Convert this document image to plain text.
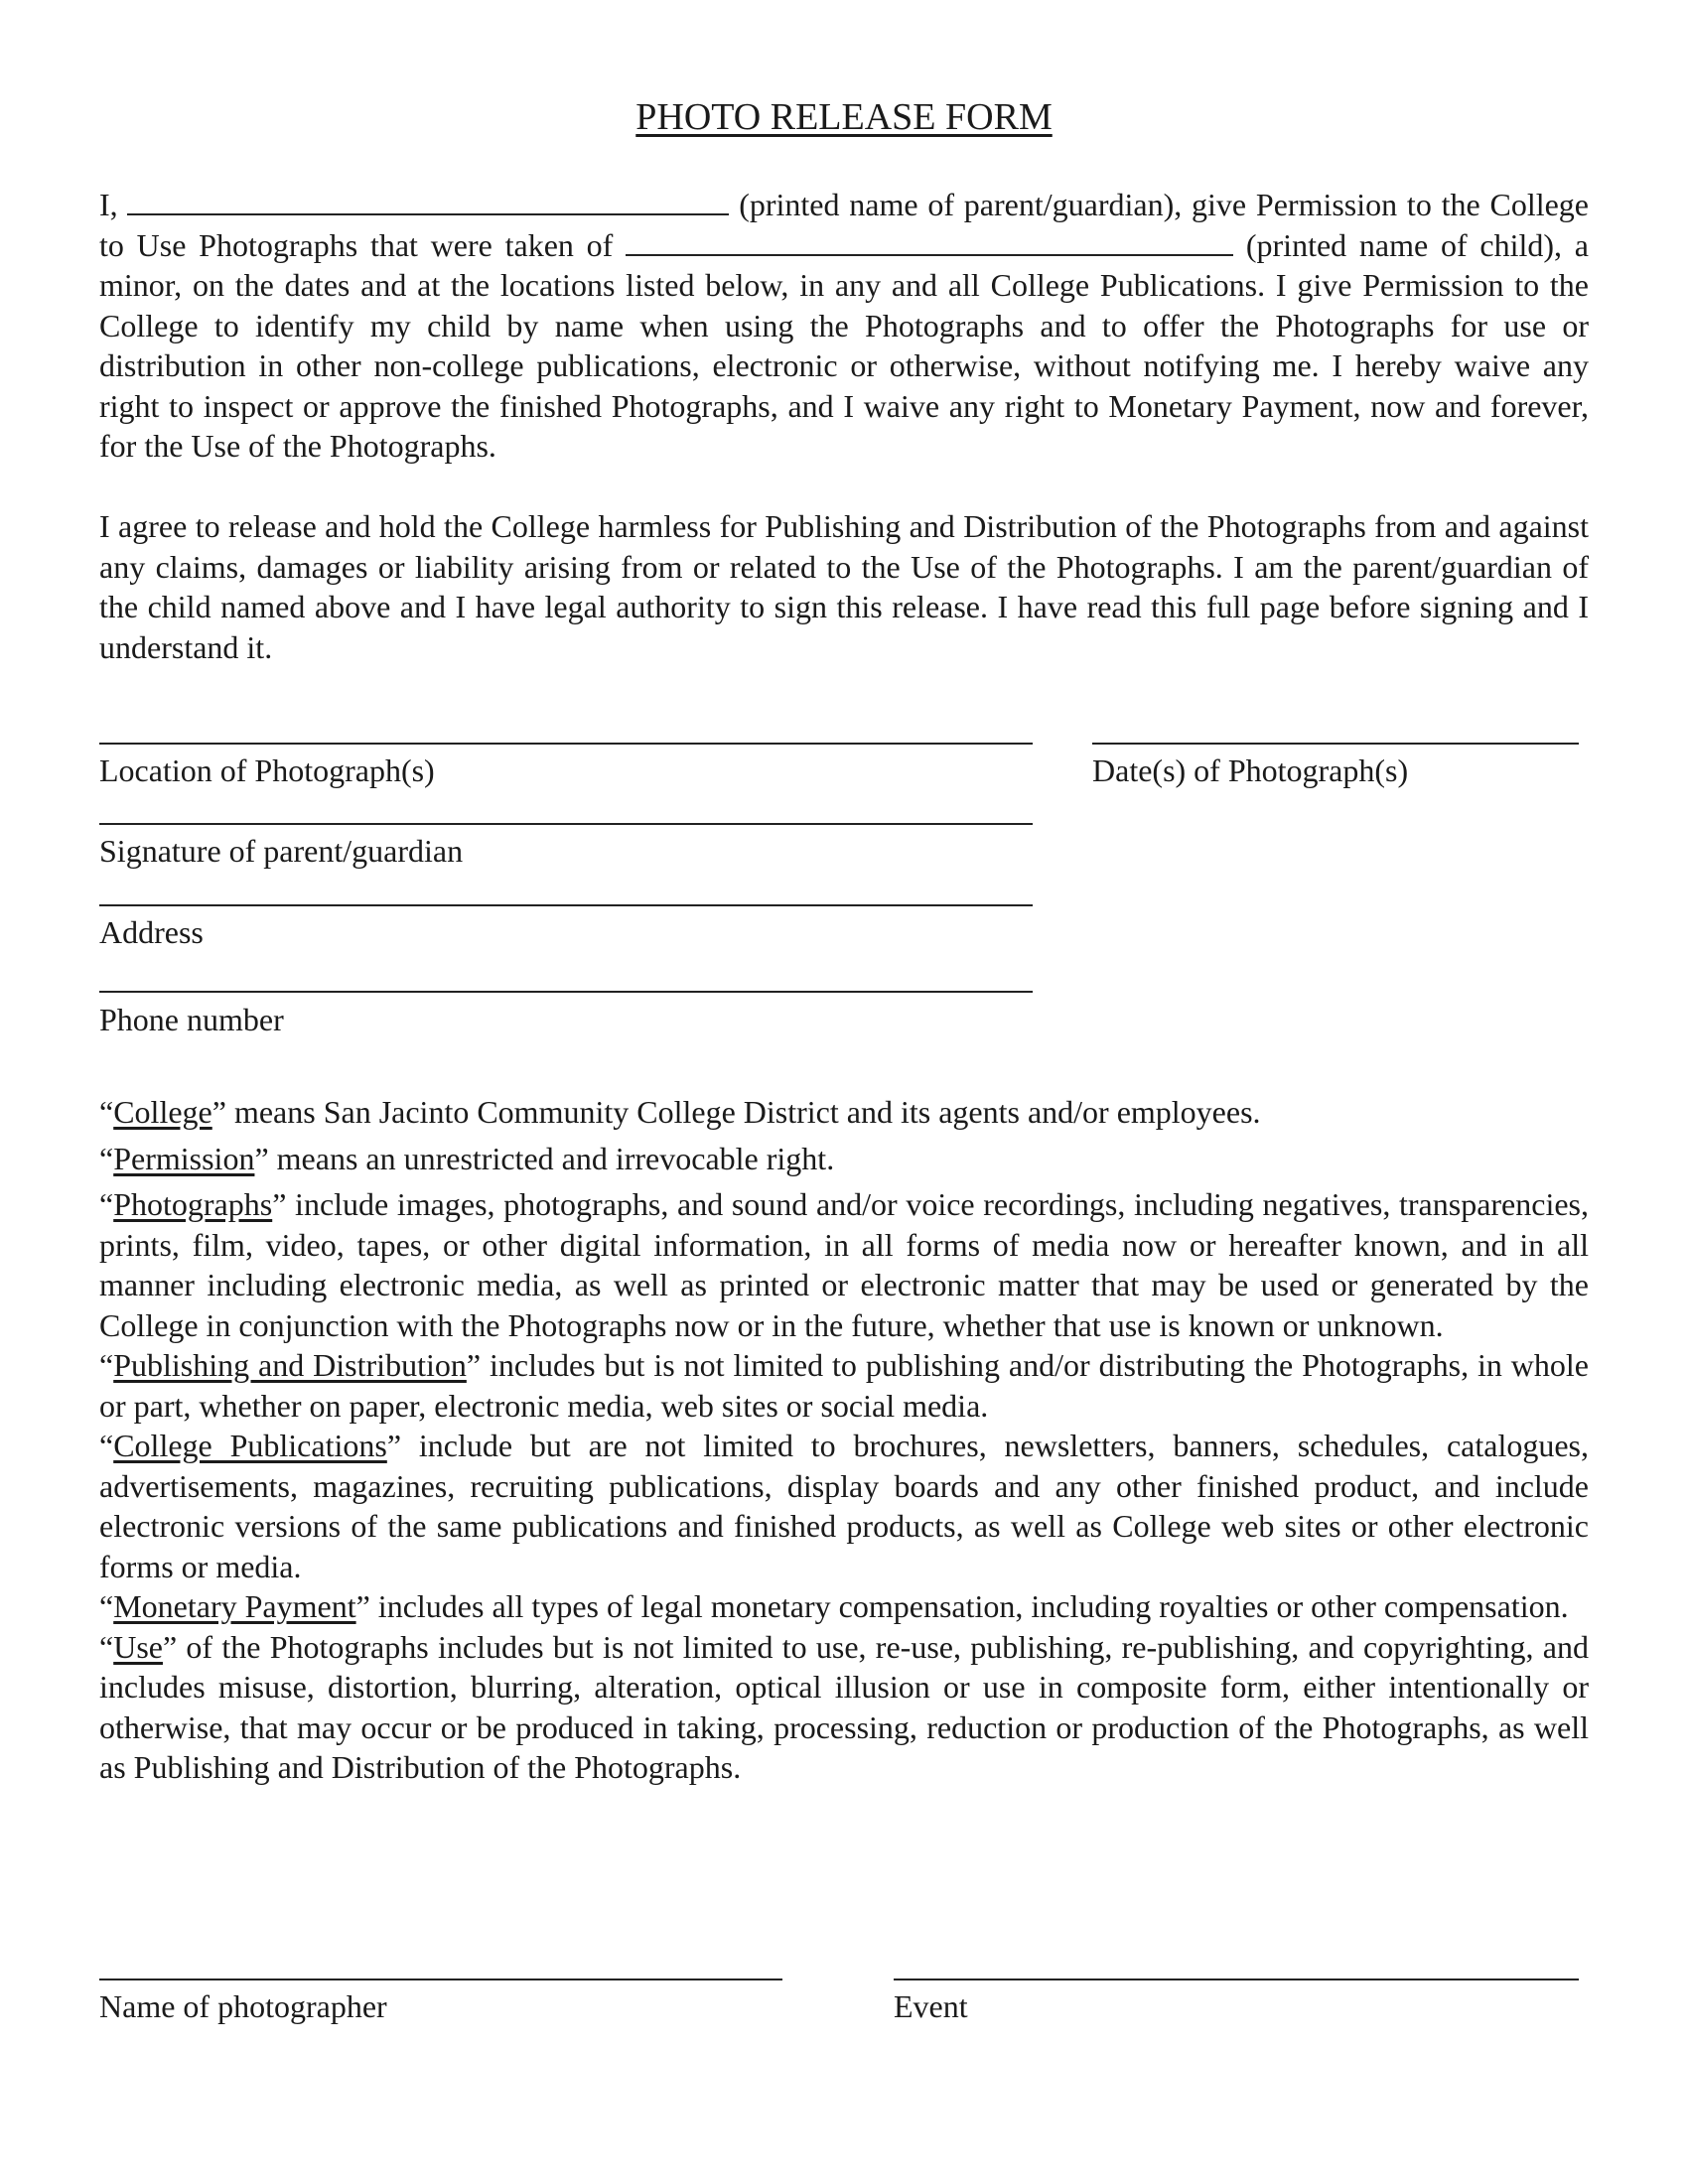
PHOTO RELEASE FORM

I,	(printed name of parent/guardian), give Permission to the College to Use Photographs that were taken of	(printed name of child), a minor, on the dates and at the locations listed below, in any and all College Publications. I give Permission to the College to identify my child by name when using the Photographs and to offer the Photographs for use or distribution in other non-college publications, electronic or otherwise, without notifying me. I hereby waive any right to inspect or approve the finished Photographs, and I waive any right to Monetary Payment, now and forever, for the Use of the Photographs.

I agree to release and hold the College harmless for Publishing and Distribution of the Photographs from and against any claims, damages or liability arising from or related to the Use of the Photographs. I am the parent/guardian of the child named above and I have legal authority to sign this release. I have read this full page before signing and I understand it.

Location of Photograph(s)	Date(s) of Photograph(s)
Signature of parent/guardian
Address
Phone number

“College” means San Jacinto Community College District and its agents and/or employees.

“Permission” means an unrestricted and irrevocable right.

“Photographs” include images, photographs, and sound and/or voice recordings, including negatives, transparencies, prints, film, video, tapes, or other digital information, in all forms of media now or hereafter known, and in all manner including electronic media, as well as printed or electronic matter that may be used or generated by the College in conjunction with the Photographs now or in the future, whether that use is known or unknown.

“Publishing and Distribution” includes but is not limited to publishing and/or distributing the Photographs, in whole or part, whether on paper, electronic media, web sites or social media.

“College Publications” include but are not limited to brochures, newsletters, banners, schedules, catalogues, advertisements, magazines, recruiting publications, display boards and any other finished product, and include electronic versions of the same publications and finished products, as well as College web sites or other electronic forms or media.

“Monetary Payment” includes all types of legal monetary compensation, including royalties or other compensation.

“Use” of the Photographs includes but is not limited to use, re-use, publishing, re-publishing, and copyrighting, and includes misuse, distortion, blurring, alteration, optical illusion or use in composite form, either intentionally or otherwise, that may occur or be produced in taking, processing, reduction or production of the Photographs, as well as Publishing and Distribution of the Photographs.

Name of photographer	Event
